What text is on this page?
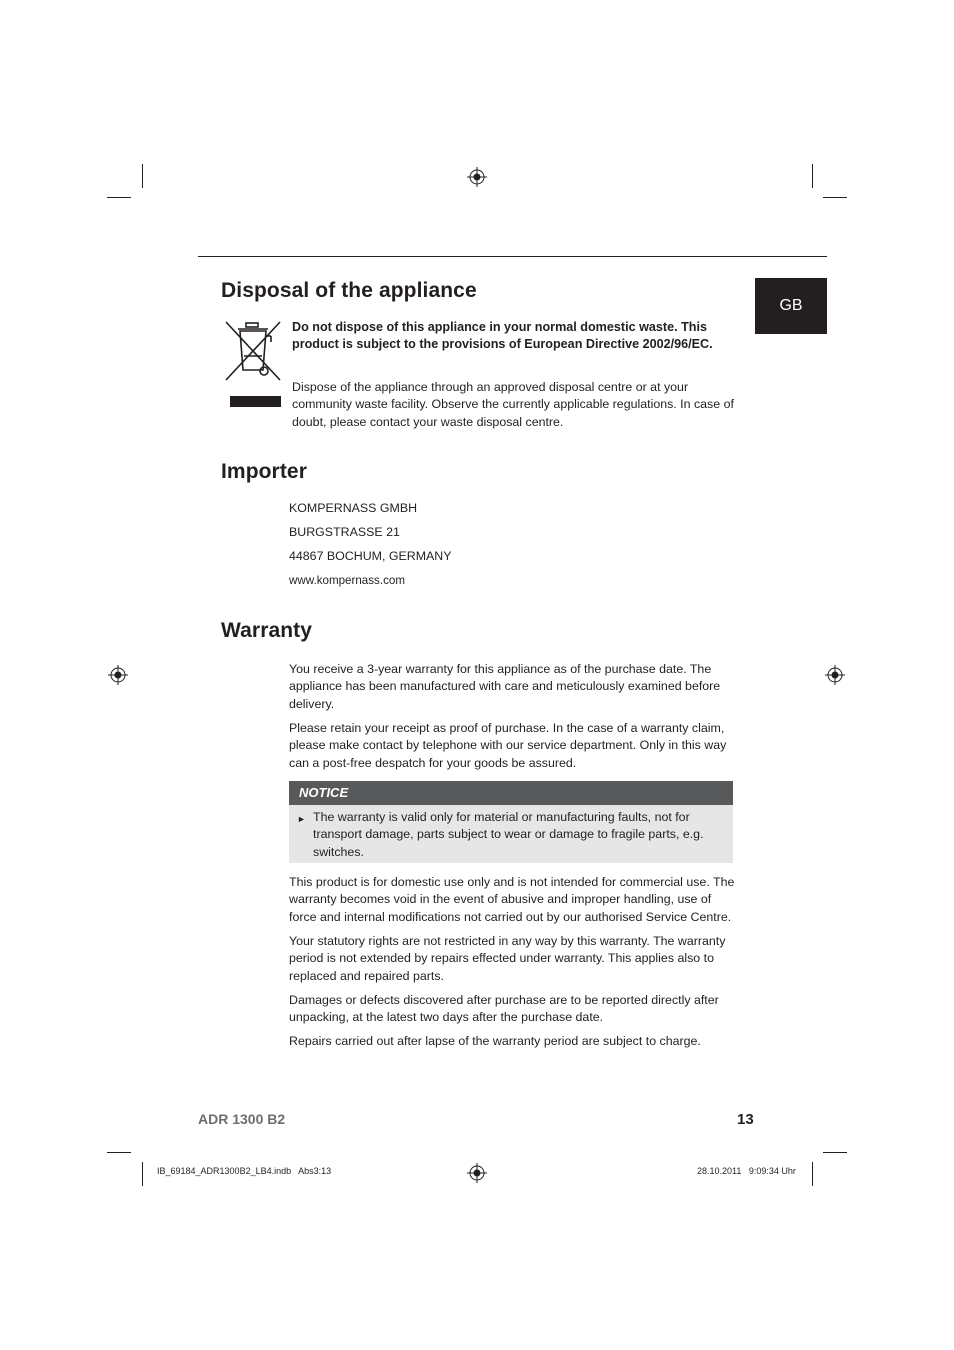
GB
Disposal of the appliance

Do not dispose of this appliance in your normal domestic waste. This product is subject to the provisions of European Directive 2002/96/EC.

Dispose of the appliance through an approved disposal centre or at your community waste facility. Observe the currently applicable regulations. In case of doubt, please contact your waste disposal centre.

Importer
KOMPERNASS GMBH
BURGSTRASSE 21
44867 BOCHUM, GERMANY
www.kompernass.com
Warranty

You receive a 3-year warranty for this appliance as of the purchase date. The appliance has been manufactured with care and meticulously examined before delivery.

Please retain your receipt as proof of purchase. In the case of a warranty claim, please make contact by telephone with our service department. Only in this way can a post-free despatch for your goods be assured.

NOTICE
► The warranty is valid only for material or manufacturing faults, not for transport damage, parts subject to wear or damage to fragile parts, e.g. switches.

This product is for domestic use only and is not intended for commercial use. The warranty becomes void in the event of abusive and improper handling, use of force and internal modifications not carried out by our authorised Service Centre.

Your statutory rights are not restricted in any way by this warranty. The warranty period is not extended by repairs effected under warranty. This applies also to replaced and repaired parts.

Damages or defects discovered after purchase are to be reported directly after unpacking, at the latest two days after the purchase date.

Repairs carried out after lapse of the warranty period are subject to charge.

ADR 1300 B2	13
IB_69184_ADR1300B2_LB4.indb   Abs3:13	28.10.2011   9:09:34 Uhr
